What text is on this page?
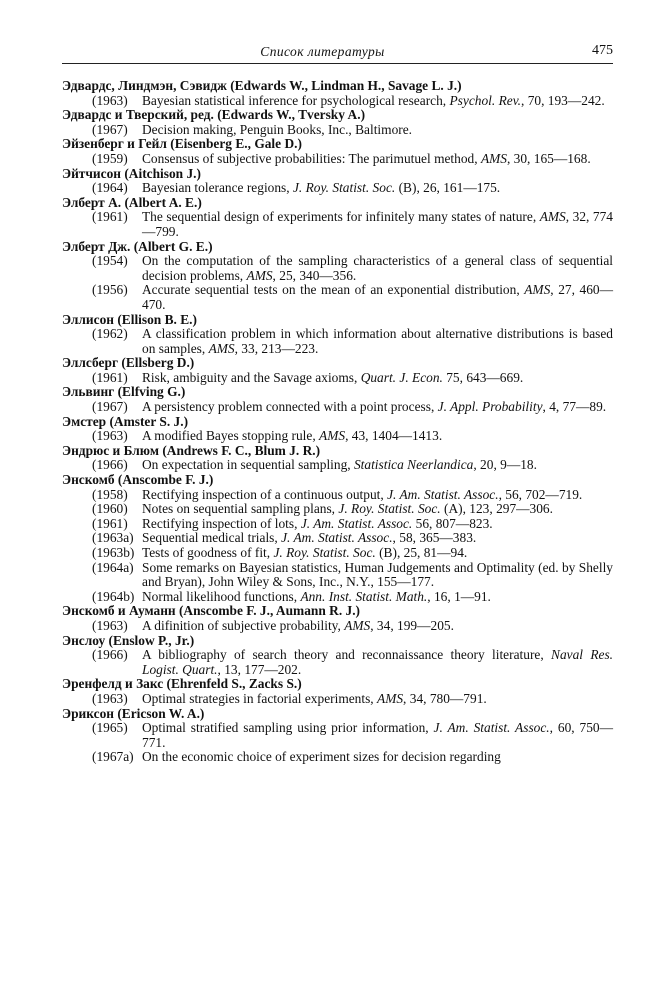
Список литературы	475
Эдвардс, Линдмэн, Сэвидж (Edwards W., Lindman H., Savage L. J.)
(1963)	Bayesian statistical inference for psychological research, Psychol. Rev., 70, 193—242.
Эдвардс и Тверский, ред. (Edwards W., Tversky A.)
(1967)	Decision making, Penguin Books, Inc., Baltimore.
Эйзенберг и Гейл (Eisenberg E., Gale D.)
(1959)	Consensus of subjective probabilities: The parimutuel method, AMS, 30, 165—168.
Эйтчисон (Aitchison J.)
(1964)	Bayesian tolerance regions, J. Roy. Statist. Soc. (B), 26, 161—175.
Элберт А. (Albert A. E.)
(1961)	The sequential design of experiments for infinitely many states of nature, AMS, 32, 774—799.
Элберт Дж. (Albert G. E.)
(1954)	On the computation of the sampling characteristics of a general class of sequential decision problems, AMS, 25, 340—356.
(1956)	Accurate sequential tests on the mean of an exponential distribution, AMS, 27, 460—470.
Эллисон (Ellison B. E.)
(1962)	A classification problem in which information about alternative distributions is based on samples, AMS, 33, 213—223.
Эллсберг (Ellsberg D.)
(1961)	Risk, ambiguity and the Savage axioms, Quart. J. Econ. 75, 643—669.
Эльвинг (Elfving G.)
(1967)	A persistency problem connected with a point process, J. Appl. Probability, 4, 77—89.
Эмстер (Amster S. J.)
(1963)	A modified Bayes stopping rule, AMS, 43, 1404—1413.
Эндрюс и Блюм (Andrews F. C., Blum J. R.)
(1966)	On expectation in sequential sampling, Statistica Neerlandica, 20, 9—18.
Энскомб (Anscombe F. J.)
(1958)	Rectifying inspection of a continuous output, J. Am. Statist. Assoc., 56, 702—719.
(1960)	Notes on sequential sampling plans, J. Roy. Statist. Soc. (A), 123, 297—306.
(1961)	Rectifying inspection of lots, J. Am. Statist. Assoc. 56, 807—823.
(1963a) Sequential medical trials, J. Am. Statist. Assoc., 58, 365—383.
(1963b) Tests of goodness of fit, J. Roy. Statist. Soc. (B), 25, 81—94.
(1964a) Some remarks on Bayesian statistics, Human Judgements and Optimality (ed. by Shelly and Bryan), John Wiley & Sons, Inc., N.Y., 155—177.
(1964b) Normal likelihood functions, Ann. Inst. Statist. Math., 16, 1—91.
Энскомб и Ауманн (Anscombe F. J., Aumann R. J.)
(1963)	A difinition of subjective probability, AMS, 34, 199—205.
Энслоу (Enslow P., Jr.)
(1966)	A bibliography of search theory and reconnaissance theory literature, Naval Res. Logist. Quart., 13, 177—202.
Эренфелд и Закс (Ehrenfeld S., Zacks S.)
(1963)	Optimal strategies in factorial experiments, AMS, 34, 780—791.
Эриксон (Ericson W. A.)
(1965)	Optimal stratified sampling using prior information, J. Am. Statist. Assoc., 60, 750—771.
(1967a) On the economic choice of experiment sizes for decision regarding
